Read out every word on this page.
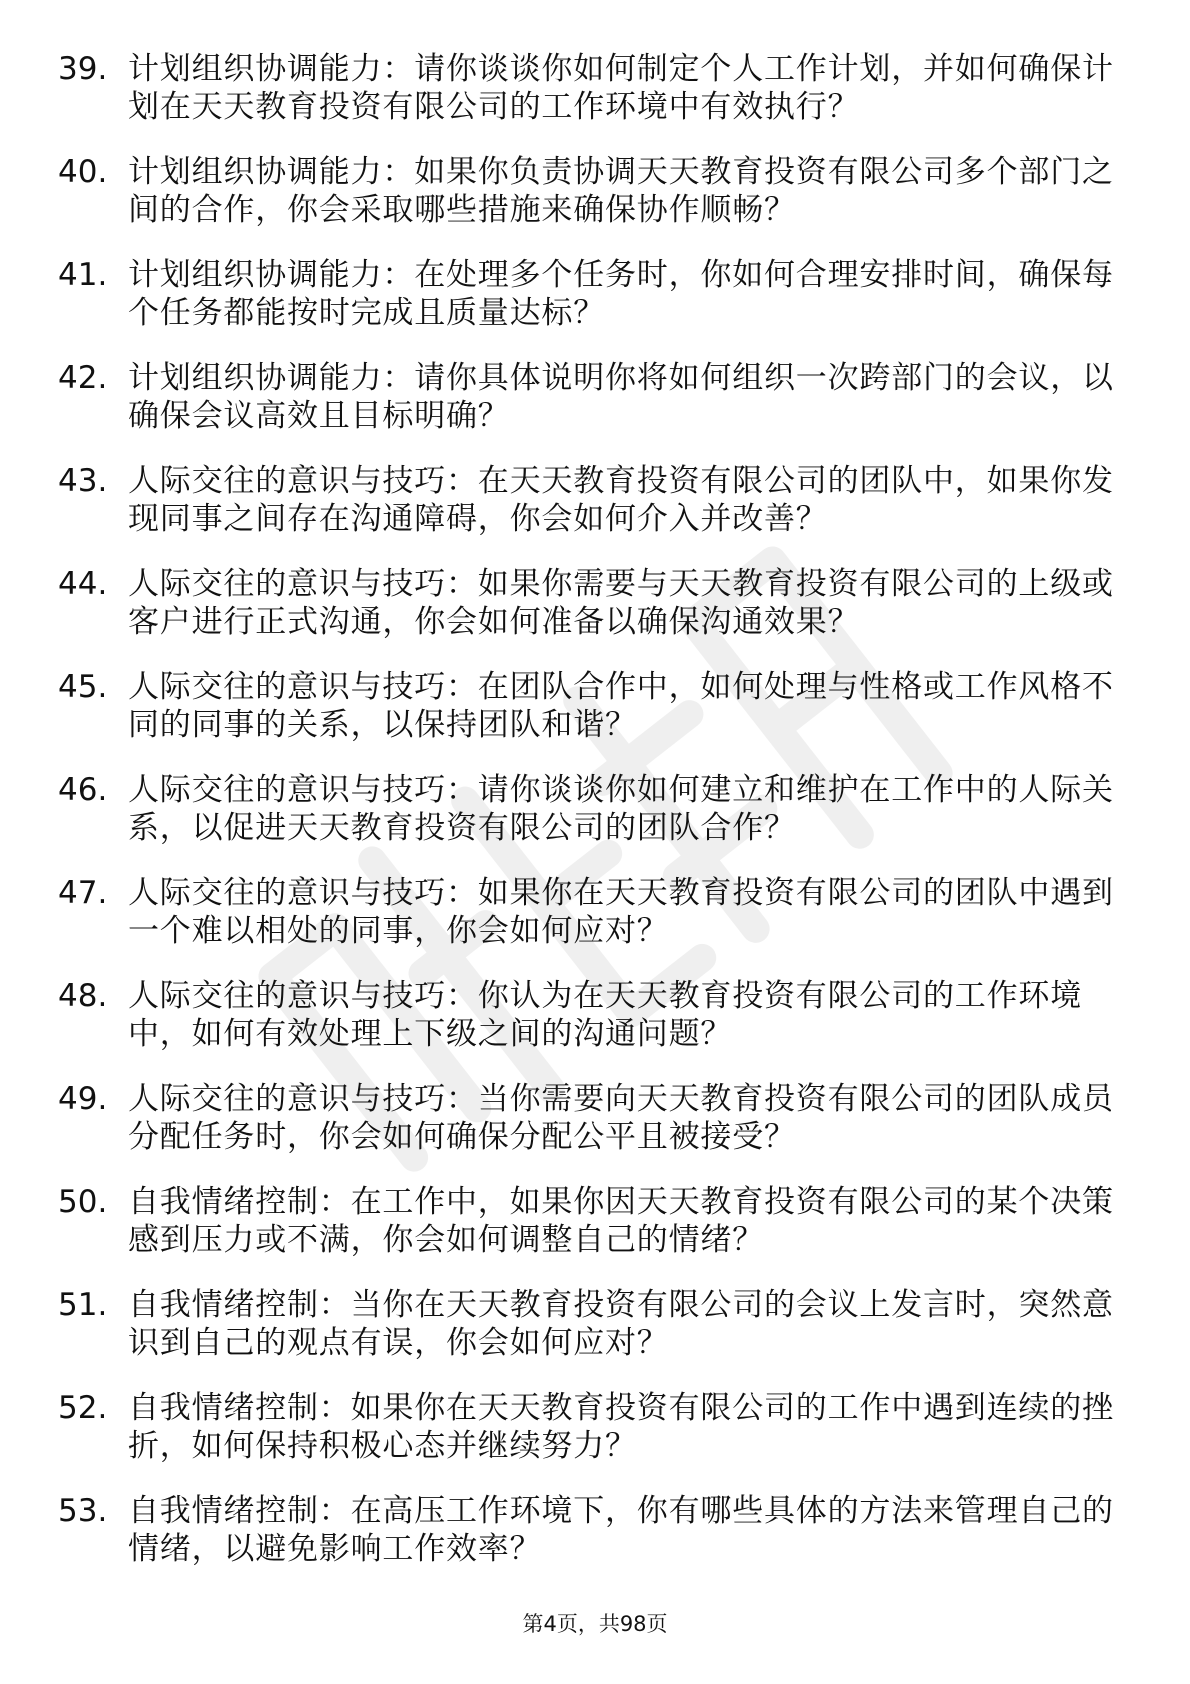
39. 计划组织协调能力：请你谈谈你如何制定个人工作计划，并如何确保计划在天天教育投资有限公司的工作环境中有效执行？
40. 计划组织协调能力：如果你负责协调天天教育投资有限公司多个部门之间的合作，你会采取哪些措施来确保协作顺畅？
41. 计划组织协调能力：在处理多个任务时，你如何合理安排时间，确保每个任务都能按时完成且质量达标？
42. 计划组织协调能力：请你具体说明你将如何组织一次跨部门的会议，以确保会议高效且目标明确？
43. 人际交往的意识与技巧：在天天教育投资有限公司的团队中，如果你发现同事之间存在沟通障碍，你会如何介入并改善？
44. 人际交往的意识与技巧：如果你需要与天天教育投资有限公司的上级或客户进行正式沟通，你会如何准备以确保沟通效果？
45. 人际交往的意识与技巧：在团队合作中，如何处理与性格或工作风格不同的同事的关系，以保持团队和谐？
46. 人际交往的意识与技巧：请你谈谈你如何建立和维护在工作中的人际关系，以促进天天教育投资有限公司的团队合作？
47. 人际交往的意识与技巧：如果你在天天教育投资有限公司的团队中遇到一个难以相处的同事，你会如何应对？
48. 人际交往的意识与技巧：你认为在天天教育投资有限公司的工作环境中，如何有效处理上下级之间的沟通问题？
49. 人际交往的意识与技巧：当你需要向天天教育投资有限公司的团队成员分配任务时，你会如何确保分配公平且被接受？
50. 自我情绪控制：在工作中，如果你因天天教育投资有限公司的某个决策感到压力或不满，你会如何调整自己的情绪？
51. 自我情绪控制：当你在天天教育投资有限公司的会议上发言时，突然意识到自己的观点有误，你会如何应对？
52. 自我情绪控制：如果你在天天教育投资有限公司的工作中遇到连续的挫折，如何保持积极心态并继续努力？
53. 自我情绪控制：在高压工作环境下，你有哪些具体的方法来管理自己的情绪，以避免影响工作效率？
第4页，共98页
